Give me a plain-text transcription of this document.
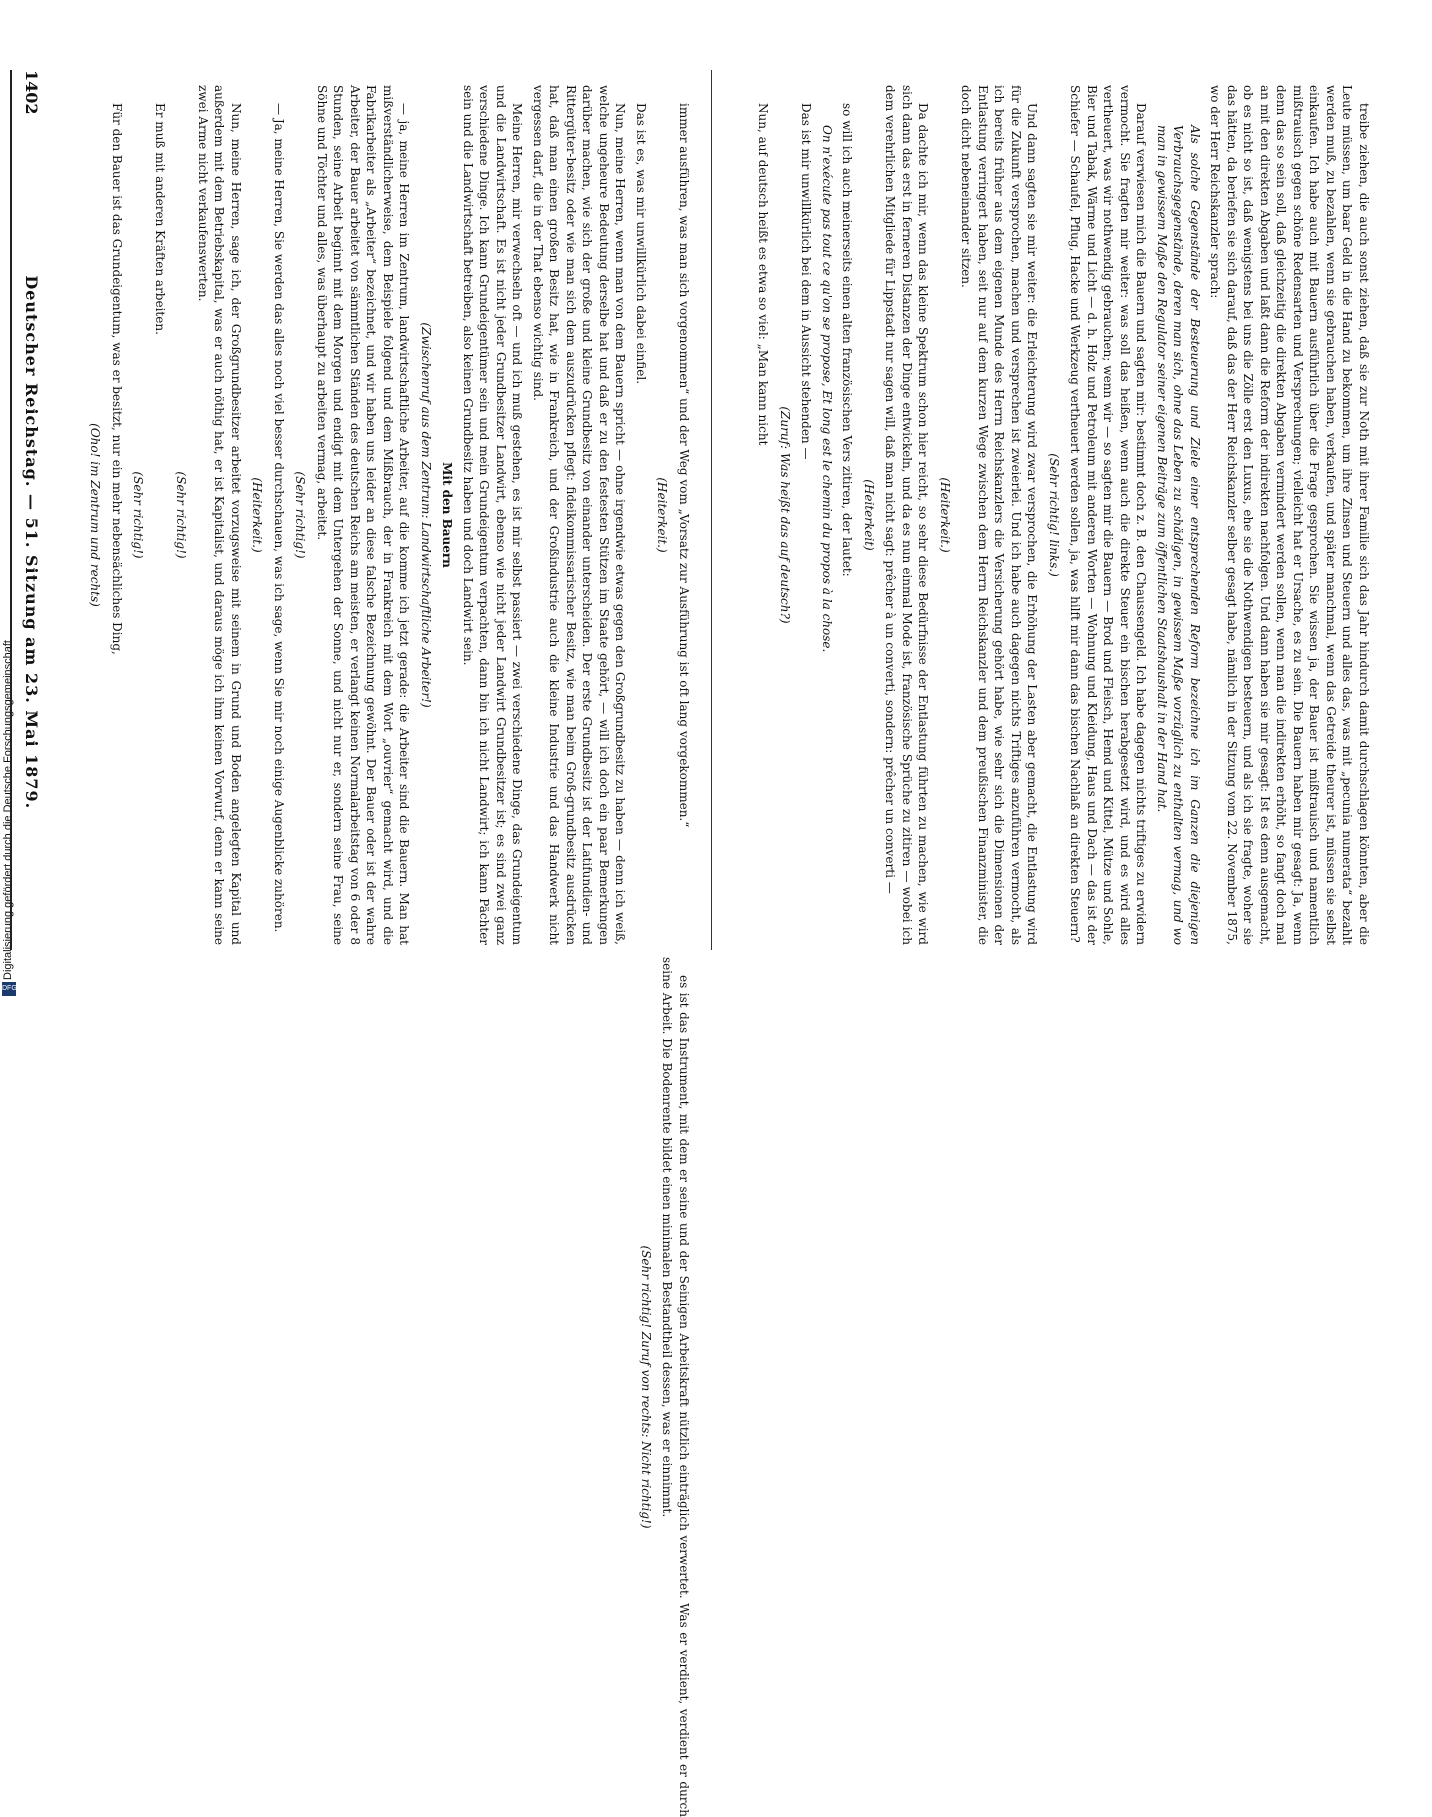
Digitalisierung gefördert durch die Deutsche Forschungsgemeinschaft
DFG
1402
Deutscher Reichstag. — 51. Sitzung am 23. Mai 1879.	immer ausführen, was man sich vorgenommen“ und der Weg vom „Vorsatz zur Ausführung ist oft lang vorgekommen.“

(Heiterkeit.)

Das ist es, was mir unwillkürlich dabei einfiel.

Nun, meine Herren, wenn man von dem Bauern spricht — ohne irgendwie etwas gegen den Großgrundbesitz zu haben — denn ich weiß, welche ungeheure Bedeutung derselbe hat und daß er zu den festesten Stützen im Staate gehört, — will ich doch ein paar Bemerkungen darüber machen, wie sich der große und kleine Grundbesitz von einander unterscheiden. Der erste Grundbesitz ist der Latifundien- und Rittergüter-besitz oder wie man sich dem auszudrücken pflegt: fideikommissarischer Besitz, wie man beim Groß-grundbesitz ausdrücken hat, daß man einen großen Besitz hat, wie in Frankreich, und der Großindustrie auch die kleine Industrie und das Handwerk nicht vergessen darf, die in der That ebenso wichtig sind.

Meine Herren, mir verwechseln oft — und ich muß gestehen, es ist mir selbst passiert — zwei verschiedene Dinge, das Grundeigentum und die Landwirtschaft. Es ist nicht jeder Grundbesitzer Landwirt, ebenso wie nicht jeder Landwirt Grundbesitzer ist; es sind zwei ganz verschiedene Dinge. Ich kann Grundeigentümer sein und mein Grundeigentum verpachten, dann bin ich nicht Landwirt; ich kann Pächter sein und die Landwirtschaft betreiben, also keinen Grundbesitz haben und doch Landwirt sein.

Mit den Bauern

(Zwischenruf aus dem Zentrum: Landwirtschaftliche Arbeiter!)

— ja, meine Herren im Zentrum, landwirtschaftliche Arbeiter, auf die komme ich jetzt gerade: die Arbeiter sind die Bauern. Man hat mißverständlicherweise, dem Beispiele folgend und dem Mißbrauch, der in Frankreich mit dem Wort „ouvrier“ gemacht wird, und die Fabrikarbeiter als „Arbeiter“ bezeichnet, und wir haben uns leider an diese falsche Bezeichnung gewöhnt. Der Bauer oder ist der wahre Arbeiter, der Bauer arbeitet von sämmtlichen Ständen des deutschen Reichs am meisten, er verlangt keinen Normalarbeitstag von 6 oder 8 Stunden, seine Arbeit beginnt mit dem Morgen und endigt mit dem Untergehen der Sonne, und nicht nur er, sondern seine Frau, seine Söhne und Töchter und alles, was überhaupt zu arbeiten vermag, arbeitet.

(Sehr richtig!)

— Ja, meine Herren, Sie werden das alles noch viel besser durchschauen, was ich sage, wenn Sie mir noch einige Augenblicke zuhören.

(Heiterkeit.)

Nun, meine Herren, sage ich, der Großgrundbesitzer arbeitet vorzugsweise mit seinem in Grund und Boden angelegten Kapital und außerdem mit dem Betriebskapital, was er auch nöthig hat, er ist Kapitalist, und daraus möge ich ihm keinen Vorwurf, denn er kann seine zwei Arme nicht verkaufenswerten.

(Sehr richtig!)

Er muß mit anderen Kräften arbeiten.

(Sehr richtig!)

Für den Bauer ist das Grundeigentum, was er besitzt, nur ein mehr nebensächliches Ding,

(Oho! im Zentrum und rechts)

es ist das Instrument, mit dem er seine und der Seinigen Arbeitskraft nützlich einträglich verwertet. Was er verdient, verdient er durch seine Arbeit. Die Bodenrente bildet einen minimalen Bestandtheil dessen, was er einnimmt.

(Sehr richtig! Zuruf von rechts: Nicht richtig!)

treibe ziehen, die auch sonst ziehen, daß sie zur Noth mit ihrer Familie sich das Jahr hindurch damit durchschlagen könnten, aber die Leute müssen, um baar Geld in die Hand zu bekommen, um ihre Zinsen und Steuern und alles das, was mit „pecunia numerata“ bezahlt werden muß, zu bezahlen, wenn sie gebrauchen haben, verkaufen, und später manchmal, wenn das Getreide theurer ist, müssen sie selbst einkaufen. Ich habe auch mit Bauern ausführlich über die Frage gesprochen. Sie wissen ja, der Bauer ist mißtrauisch und namentlich mißtrauisch gegen schöne Redensarten und Versprechungen; vielleicht hat er Ursache, es zu sein. Die Bauern haben mir gesagt: Ja, wenn denn das so sein soll, daß gleichzeitig die direkten Abgaben vermindert werden sollen, wenn man die indirekten erhöht, so fangt doch mal an mit den direkten Abgaben und laßt dann die Reform der indirekten nachfolgen. Und dann haben sie mir gesagt: Ist es denn ausgemacht, ob es nicht so ist, daß wenigstens bei uns die Zölle erst den Luxus, ehe sie die Nothwendigen besteuern, und als ich sie fragte, woher sie das hätten, da beriefen sie sich darauf, daß das der Herr Reichskanzler selber gesagt habe, nämlich in der Sitzung vom 22. November 1875, wo der Herr Reichskanzler sprach:

Als solche Gegenstände der Besteuerung und Ziele einer entsprechenden Reform bezeichne ich im Ganzen die diejenigen Verbrauchsgegenstände, deren man sich, ohne das Leben zu schädigen, in gewissem Maße vorzüglich zu enthalten vermag, und wo man in gewissem Maße den Regulator seiner eigenen Beiträge zum öffentlichen Staatshaushalt in der Hand hat.

Darauf verwiesen mich die Bauern und sagten mir: bestimmt doch z. B. den Chaussengeld. Ich habe dagegen nichts triftiges zu erwidern vermocht. Sie fragten mir weiter: was soll das heißen, wenn auch die direkte Steuer ein bischen herabgesetzt wird, und es wird alles vertheuert, was wir nothwendig gebrauchen; wenn wir — so sagten mir die Bauern — Brod und Fleisch, Hemd und Kittel, Mütze und Sohle, Bier und Tabak, Wärme und Licht — d. h. Holz und Petroleum mit anderen Worten — Wohnung und Kleidung, Haus und Dach — das ist der Schiefer — Schaufel, Pflug, Hacke und Werkzeug vertheuert werden sollen, ja, was hilft mir dann das bischen Nachlaß an direkten Steuern?

(Sehr richtig! links.)

Und dann sagten sie mir weiter: die Erleichterung wird zwar versprochen, die Erhöhung der Lasten aber gemacht, die Entlastung wird für die Zukunft versprochen, machen und versprechen ist zweierlei. Und ich habe auch dagegen nichts Triftiges anzuführen vermocht, als ich bereits früher aus dem eigenen Munde des Herrn Reichskanzlers die Versicherung gehört habe, wie sehr sich die Dimensionen der Entlastung verringert haben, seit nur auf dem kurzen Wege zwischen dem Herrn Reichskanzler und dem preußischen Finanzminister, die doch dicht nebeneinander sitzen.

(Heiterkeit.)

Da dachte ich mir, wenn das kleine Spektrum schon hier reicht, so sehr diese Bedürfnisse der Entlastung führten zu machen, wie wird sich dann das erst in ferneren Distanzen der Dinge entwickeln, und da es nun einmal Mode ist, französische Sprüche zu zitiren — wobei ich dem verehrlichen Mitgliede für Lippstadt nur sagen will, daß man nicht sagt: prêcher à un converti, sondern: prêcher un converti —

(Heiterkeit)

so will ich auch meinerseits einen alten französischen Vers zitiren, der lautet:

On n'exécute pas tout ce qu'on se propose, Et long est le chemin du propos à la chose.

Das ist mir unwillkürlich bei dem in Aussicht stehenden —

(Zuruf: Was heißt das auf deutsch?)

Nun, auf deutsch heißt es etwa so viel: „Man kann nicht
